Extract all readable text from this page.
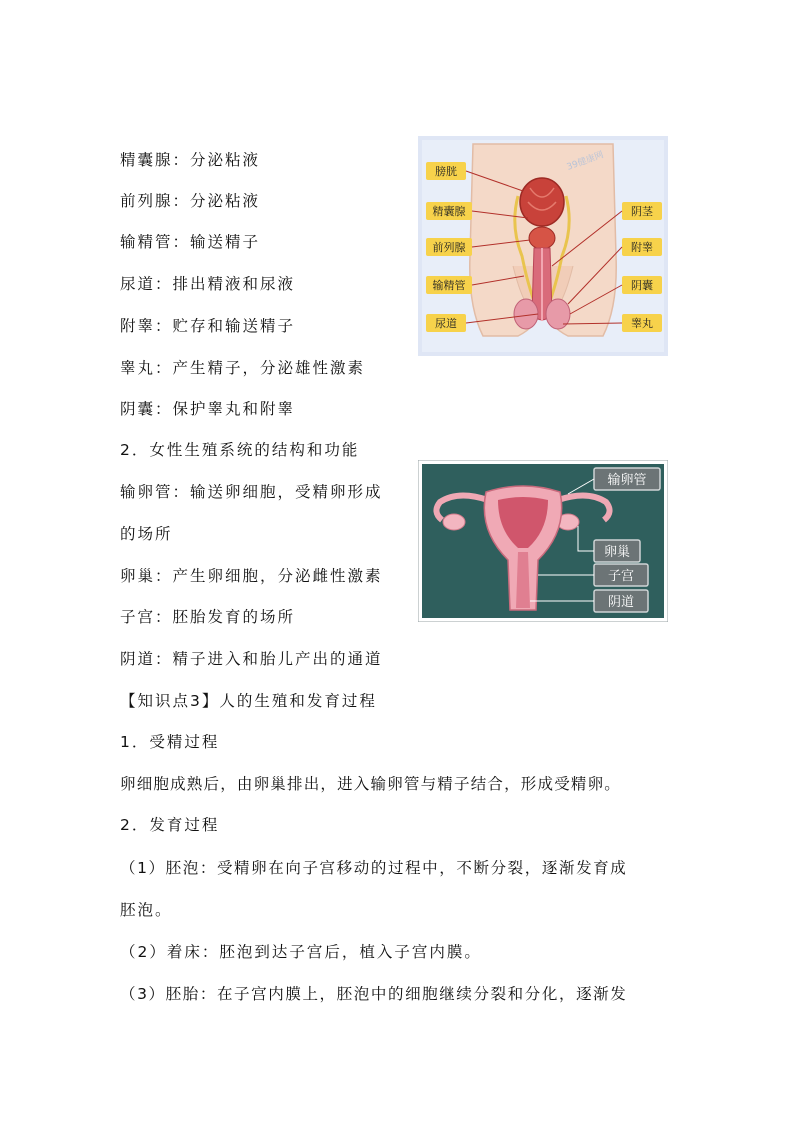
精囊腺：分泌粘液
前列腺：分泌粘液
输精管：输送精子
尿道：排出精液和尿液
附睾：贮存和输送精子
睾丸：产生精子，分泌雄性激素
阴囊：保护睾丸和附睾
膀胱
精囊腺
前列腺
输精管
尿道
阴茎
附睾
阴囊
睾丸
39健康网
2．女性生殖系统的结构和功能
输卵管：输送卵细胞，受精卵形成
的场所
卵巢：产生卵细胞，分泌雌性激素
子宫：胚胎发育的场所
阴道：精子进入和胎儿产出的通道
输卵管
卵巢
子宫
阴道
【知识点3】人的生殖和发育过程
1．受精过程
卵细胞成熟后，由卵巢排出，进入输卵管与精子结合，形成受精卵。
2．发育过程
（1）胚泡：受精卵在向子宫移动的过程中，不断分裂，逐渐发育成
胚泡。
（2）着床：胚泡到达子宫后，植入子宫内膜。
（3）胚胎：在子宫内膜上，胚泡中的细胞继续分裂和分化，逐渐发
